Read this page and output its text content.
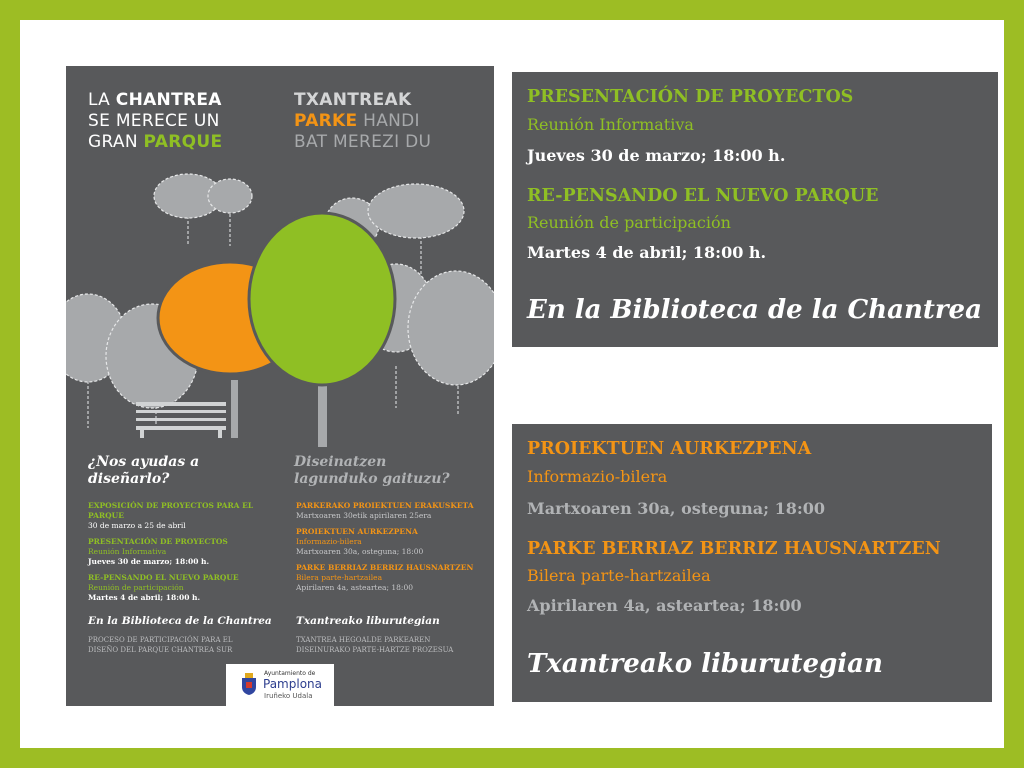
LA CHANTREA
SE MERECE UN
GRAN PARQUE
TXANTREAK
PARKE HANDI
BAT MEREZI DU
¿Nos ayudas a
diseñarlo?
Diseinatzen
lagunduko gaituzu?
EXPOSICIÓN DE PROYECTOS PARA EL PARQUE
30 de marzo a 25 de abril
PRESENTACIÓN DE PROYECTOS
Reunión Informativa
Jueves 30 de marzo; 18:00 h.
RE-PENSANDO EL NUEVO PARQUE
Reunión de participación
Martes 4 de abril; 18:00 h.
PARKERAKO PROIEKTUEN ERAKUSKETA
Martxoaren 30etik apirilaren 25era
PROIEKTUEN AURKEZPENA
Informazio-bilera
Martxoaren 30a, osteguna; 18:00
PARKE BERRIAZ BERRIZ HAUSNARTZEN
Bilera parte-hartzailea
Apirilaren 4a, asteartea; 18:00
En la Biblioteca de la Chantrea Txantreako liburutegian
PROCESO DE PARTICIPACIÓN PARA EL
DISEÑO DEL PARQUE CHANTREA SUR
TXANTREA HEGOALDE PARKEAREN
DISEINURAKO PARTE-HARTZE PROZESUA
Ayuntamiento de
Pamplona
Iruñeko Udala
PRESENTACIÓN DE PROYECTOS
Reunión Informativa
Jueves 30 de marzo; 18:00 h.
RE-PENSANDO EL NUEVO PARQUE
Reunión de participación
Martes 4 de abril; 18:00 h.
En la Biblioteca de la Chantrea
PROIEKTUEN AURKEZPENA
Informazio-bilera
Martxoaren 30a, osteguna; 18:00
PARKE BERRIAZ BERRIZ HAUSNARTZEN
Bilera parte-hartzailea
Apirilaren 4a, asteartea; 18:00
Txantreako liburutegian
